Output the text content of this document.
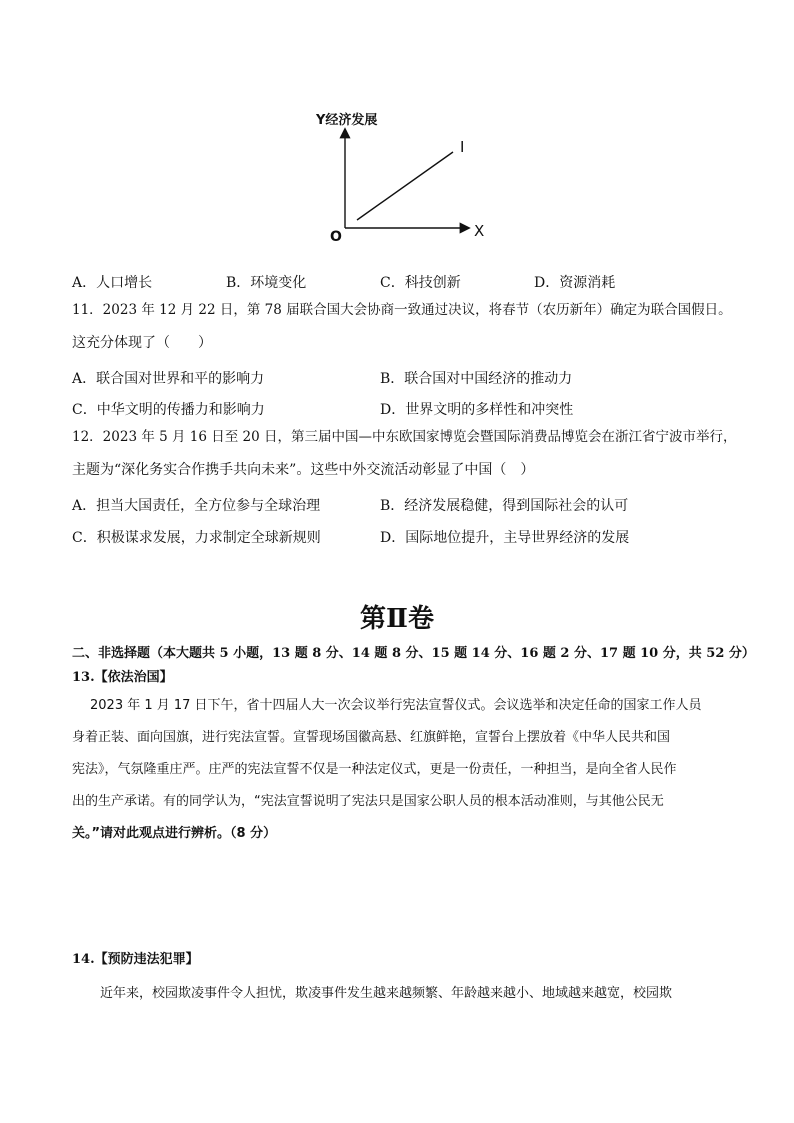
Y经济发展
X
O
I
A．人口增长	B．环境变化	C．科技创新	D．资源消耗
11．2023 年 12 月 22 日，第 78 届联合国大会协商一致通过决议，将春节（农历新年）确定为联合国假日。
这充分体现了（　　）
A．联合国对世界和平的影响力	B．联合国对中国经济的推动力
C．中华文明的传播力和影响力	D．世界文明的多样性和冲突性
12．2023 年 5 月 16 日至 20 日，第三届中国—中东欧国家博览会暨国际消费品博览会在浙江省宁波市举行，
主题为“深化务实合作携手共向未来”。这些中外交流活动彰显了中国（　）
A．担当大国责任，全方位参与全球治理	B．经济发展稳健，得到国际社会的认可
C．积极谋求发展，力求制定全球新规则	D．国际地位提升，主导世界经济的发展
第Ⅱ卷
二、非选择题（本大题共 5 小题，13 题 8 分、14 题 8 分、15 题 14 分、16 题 2 分、17 题 10 分，共 52 分）
13.【依法治国】
2023 年 1 月 17 日下午，省十四届人大一次会议举行宪法宣誓仪式。会议选举和决定任命的国家工作人员
身着正装、面向国旗，进行宪法宣誓。宣誓现场国徽高悬、红旗鲜艳，宣誓台上摆放着《中华人民共和国
宪法》，气氛隆重庄严。庄严的宪法宣誓不仅是一种法定仪式，更是一份责任，一种担当，是向全省人民作
出的生产承诺。有的同学认为，“宪法宣誓说明了宪法只是国家公职人员的根本活动准则，与其他公民无
关。”请对此观点进行辨析。（8 分）
14.【预防违法犯罪】
近年来，校园欺凌事件令人担忧，欺凌事件发生越来越频繁、年龄越来越小、地域越来越宽，校园欺
